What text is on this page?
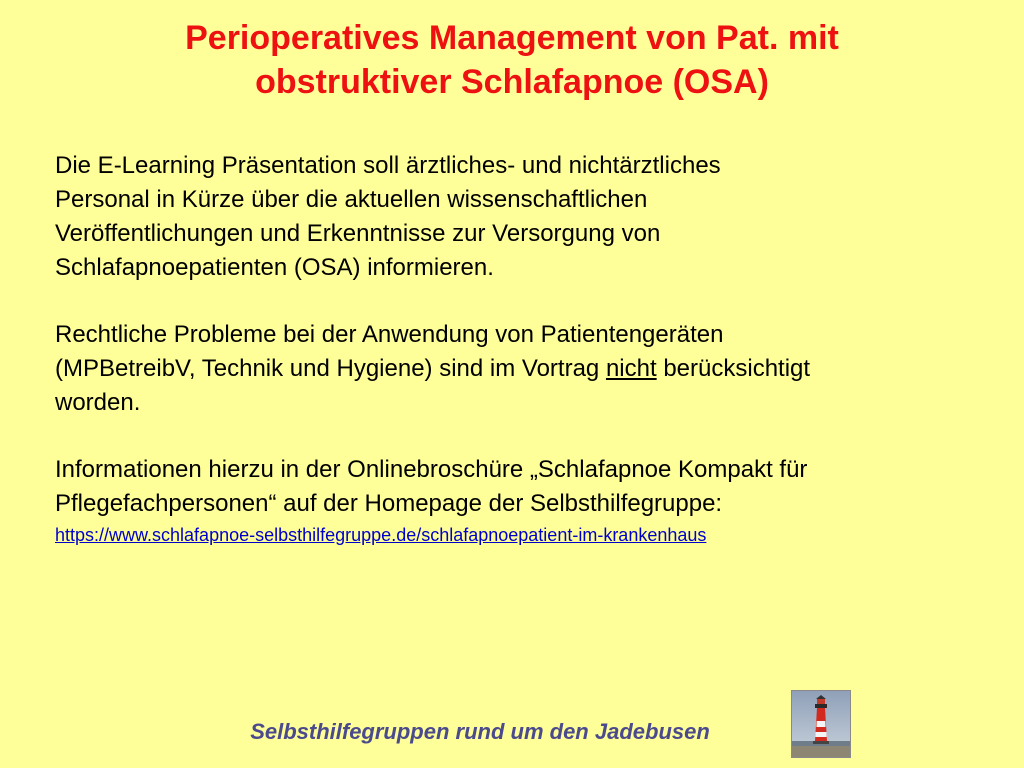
Perioperatives Management von Pat. mit
obstruktiver Schlafapnoe (OSA)

Die E-Learning Präsentation soll ärztliches- und nichtärztliches
Personal in Kürze über die aktuellen wissenschaftlichen
Veröffentlichungen und Erkenntnisse zur Versorgung von
Schlafapnoepatienten (OSA) informieren.

Rechtliche Probleme bei der Anwendung von Patientengeräten
(MPBetreibV, Technik und Hygiene) sind im Vortrag nicht berücksichtigt
worden.

Informationen hierzu in der Onlinebroschüre „Schlafapnoe Kompakt für
Pflegefachpersonen“ auf der Homepage der Selbsthilfegruppe:
https://www.schlafapnoe-selbsthilfegruppe.de/schlafapnoepatient-im-krankenhaus

Selbsthilfegruppen rund um den Jadebusen
